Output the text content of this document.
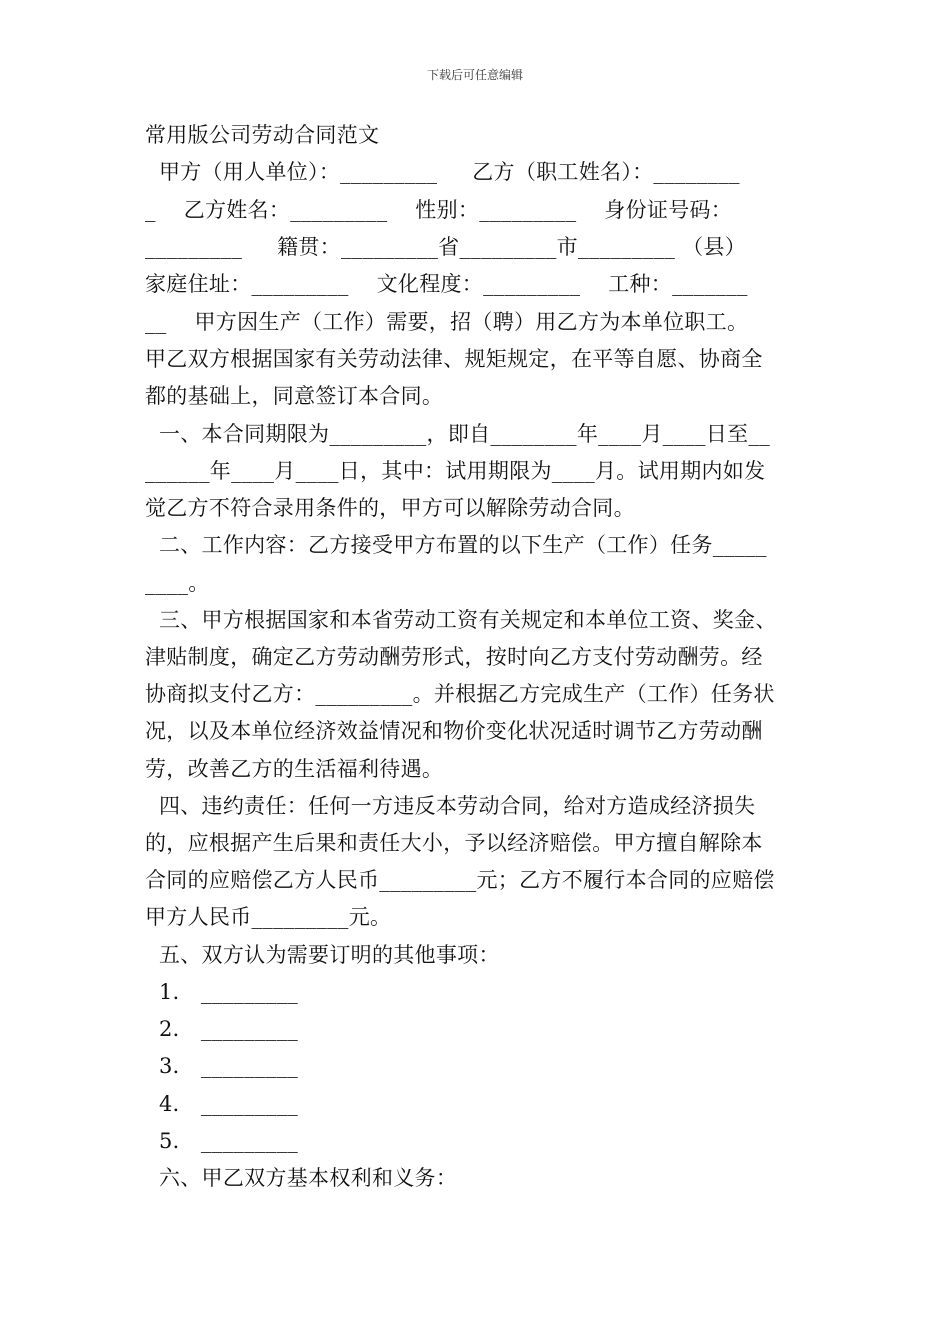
下载后可任意编辑
常用版公司劳动合同范文
甲方（用人单位）：_________     乙方（职工姓名）：________
_    乙方姓名：_________    性别：_________    身份证号码：
_________     籍贯：_________省_________市_________ （县）
家庭住址：_________    文化程度：_________    工种：_______
__    甲方因生产（工作）需要，招（聘）用乙方为本单位职工。
甲乙双方根据国家有关劳动法律、规矩规定，在平等自愿、协商全
都的基础上，同意签订本合同。
一、本合同期限为_________，即自________年____月____日至__
______年____月____日，其中：试用期限为____月。试用期内如发
觉乙方不符合录用条件的，甲方可以解除劳动合同。
二、工作内容：乙方接受甲方布置的以下生产（工作）任务_____
____。
三、甲方根据国家和本省劳动工资有关规定和本单位工资、奖金、
津贴制度，确定乙方劳动酬劳形式，按时向乙方支付劳动酬劳。经
协商拟支付乙方：_________。并根据乙方完成生产（工作）任务状
况，以及本单位经济效益情况和物价变化状况适时调节乙方劳动酬
劳，改善乙方的生活福利待遇。
四、违约责任：任何一方违反本劳动合同，给对方造成经济损失
的，应根据产生后果和责任大小，予以经济赔偿。甲方擅自解除本
合同的应赔偿乙方人民币_________元；乙方不履行本合同的应赔偿
甲方人民币_________元。
五、双方认为需要订明的其他事项：
1． _________
2． _________
3． _________
4． _________
5． _________
六、甲乙双方基本权利和义务：
